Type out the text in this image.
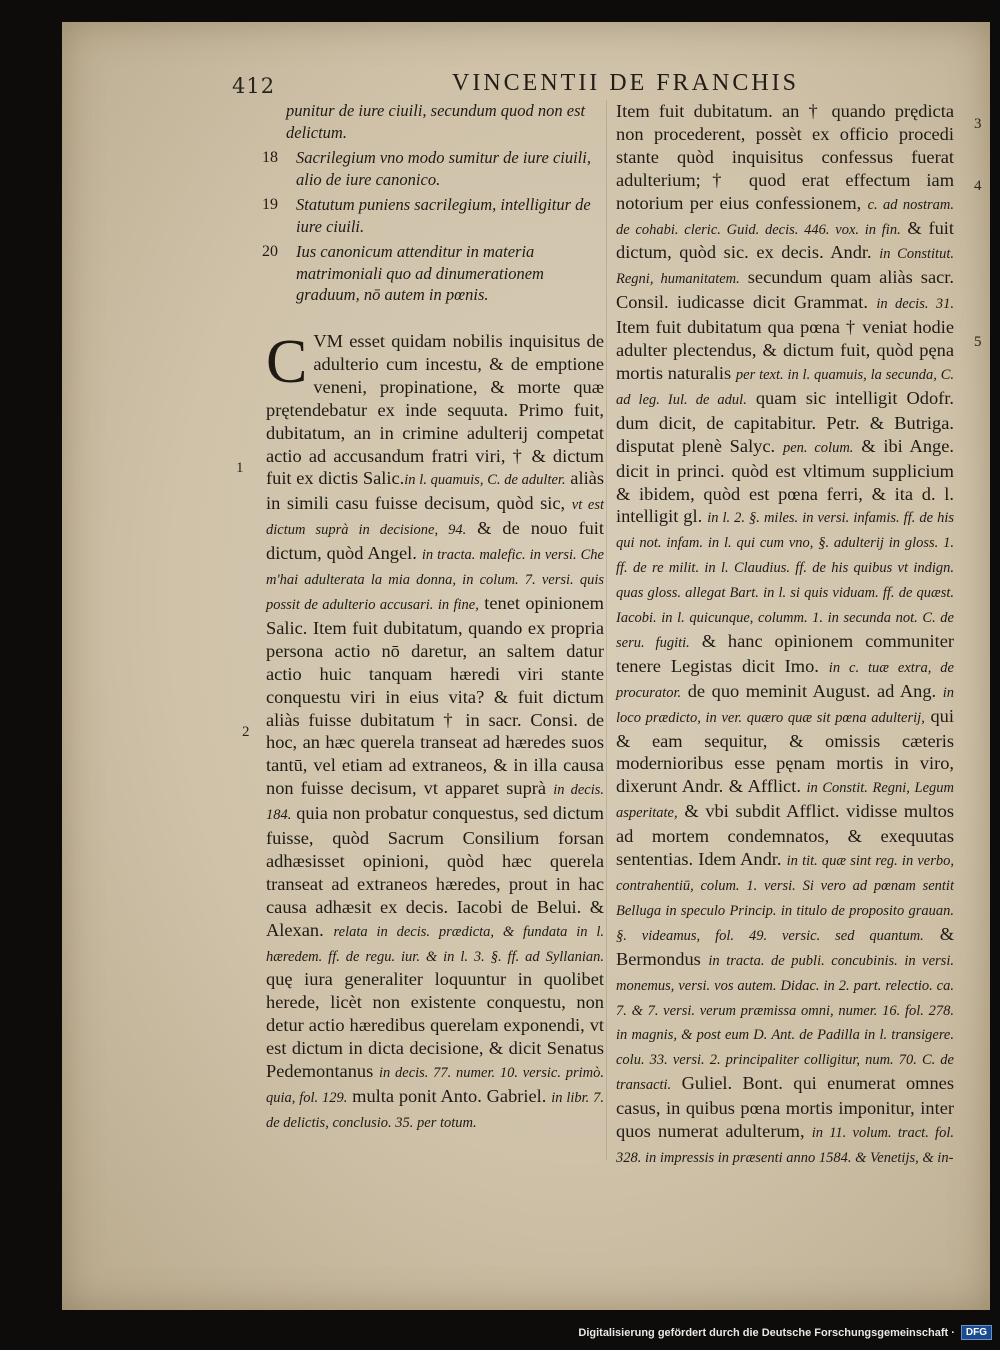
412	VINCENTII DE FRANCHIS
punitur de iure ciuili, secundum quod non est delictum.
18 Sacrilegium vno modo sumitur de iure ciuili, alio de iure canonico.
19 Statutum puniens sacrilegium, intelligitur de iure ciuili.
20 Ius canonicum attenditur in materia matrimoniali quo ad dinumerationem graduum, nō autem in pœnis.
C VM esset quidam nobilis inquisitus de adulterio cum incestu, & de emptione veneni, propinatione, & morte quæ prętendebatur ex inde sequuta. Primo fuit, dubitatum, an in crimine adulterij competat actio ad accusandum fratri viri, † & dictum fuit ex dictis Salic.in l. quamuis, C. de adulter. aliàs in simili casu fuisse decisum, quòd sic, vt est dictum suprà in decisione, 94. & de nouo fuit dictum, quòd Angel. in tracta. malefic. in versi. Che m'hai adulterata la mia donna, in colum. 7. versi. quis possit de adulterio accusari. in fine, tenet opinionem Salic. Item fuit dubitatum, quando ex propria persona actio nō daretur, an saltem datur actio huic tanquam hæredi viri stante conquestu viri in eius vita? & fuit dictum aliàs fuisse dubitatum † in sacr. Consi. de hoc, an hæc querela transeat ad hæredes suos tantū, vel etiam ad extraneos, & in illa causa non fuisse decisum, vt apparet suprà in decis. 184. quia non probatur conquestus, sed dictum fuisse, quòd Sacrum Consilium forsan adhæsisset opinioni, quòd hæc querela transeat ad extraneos hæredes, prout in hac causa adhæsit ex decis. Iacobi de Belui. & Alexan. relata in decis. prædicta, & fundata in l. hæredem. ff. de regu. iur. & in l. 3. §. ff. ad Syllanian. quę iura generaliter loquuntur in quolibet herede, licèt non existente conquestu, non detur actio hæredibus querelam exponendi, vt est dictum in dicta decisione, & dicit Senatus Pedemontanus in decis. 77. numer. 10. versic. primò. quia, fol. 129. multa ponit Anto. Gabriel. in libr. 7. de delictis, conclusio. 35. per totum.

Item fuit dubitatum. an † quando prędicta non procederent, possèt ex officio procedi stante quòd inquisitus confessus fuerat adulterium;† quod erat effectum iam notorium per eius confessionem, c. ad nostram. de cohabi. cleric. Guid. decis. 446. vox. in fin. & fuit dictum, quòd sic. ex decis. Andr. in Constitut. Regni, humanitatem. secundum quam aliàs sacr. Consil. iudicasse dicit Grammat. in decis. 31. Item fuit dubitatum qua pœna † veniat hodie adulter plectendus, & dictum fuit, quòd pęna mortis naturalis per text. in l. quamuis, la secunda, C. ad leg. Iul. de adul. quam sic intelligit Odofr. dum dicit, de capitabitur. Petr. & Butriga. disputat plenè Salyc. pen. colum. & ibi Ange. dicit in princi. quòd est vltimum supplicium & ibidem, quòd est pœna ferri, & ita d. l. intelligit gl. in l. 2. §. miles. in versi. infamis. ff. de his qui not. infam. in l. qui cum vno, §. adulterij in gloss. 1. ff. de re milit. in l. Claudius. ff. de his quibus vt indign. quas gloss. allegat Bart. in l. si quis viduam. ff. de quæst. Iacobi. in l. quicunque, columm. 1. in secunda not. C. de seru. fugiti. & hanc opinionem communiter tenere Legistas dicit Imo. in c. tuæ extra, de procurator. de quo meminit August. ad Ang. in loco prædicto, in ver. quæro quæ sit pœna adulterij, qui & eam sequitur, & omissis cæteris modernioribus esse pęnam mortis in viro, dixerunt Andr. & Afflict. in Constit. Regni, Legum asperitate, & vbi subdit Afflict. vidisse multos ad mortem condemnatos, & exequutas sententias. Idem Andr. in tit. quæ sint reg. in verbo, contrahentiū, colum. 1. versi. Si vero ad pœnam sentit Belluga in speculo Princip. in titulo de proposito grauan. §. videamus, fol. 49. versic. sed quantum. & Bermondus in tracta. de publi. concubinis. in versi. monemus, versi. vos autem. Didac. in 2. part. relectio. ca. 7. & 7. versi. verum præmissa omni, numer. 16. fol. 278. in magnis, & post eum D. Ant. de Padilla in l. transigere. colu. 33. versi. 2. principaliter colligitur, num. 70. C. de transacti. Guliel. Bont. qui enumerat omnes casus, in quibus pœna mortis imponitur, inter quos numerat adulterum, in 11. volum. tract. fol. 328. in impressis in præsenti anno 1584. & Venetijs, & in-

1
2
3
4
5
Digitalisierung gefördert durch die Deutsche Forschungsgemeinschaft ·	DFG
